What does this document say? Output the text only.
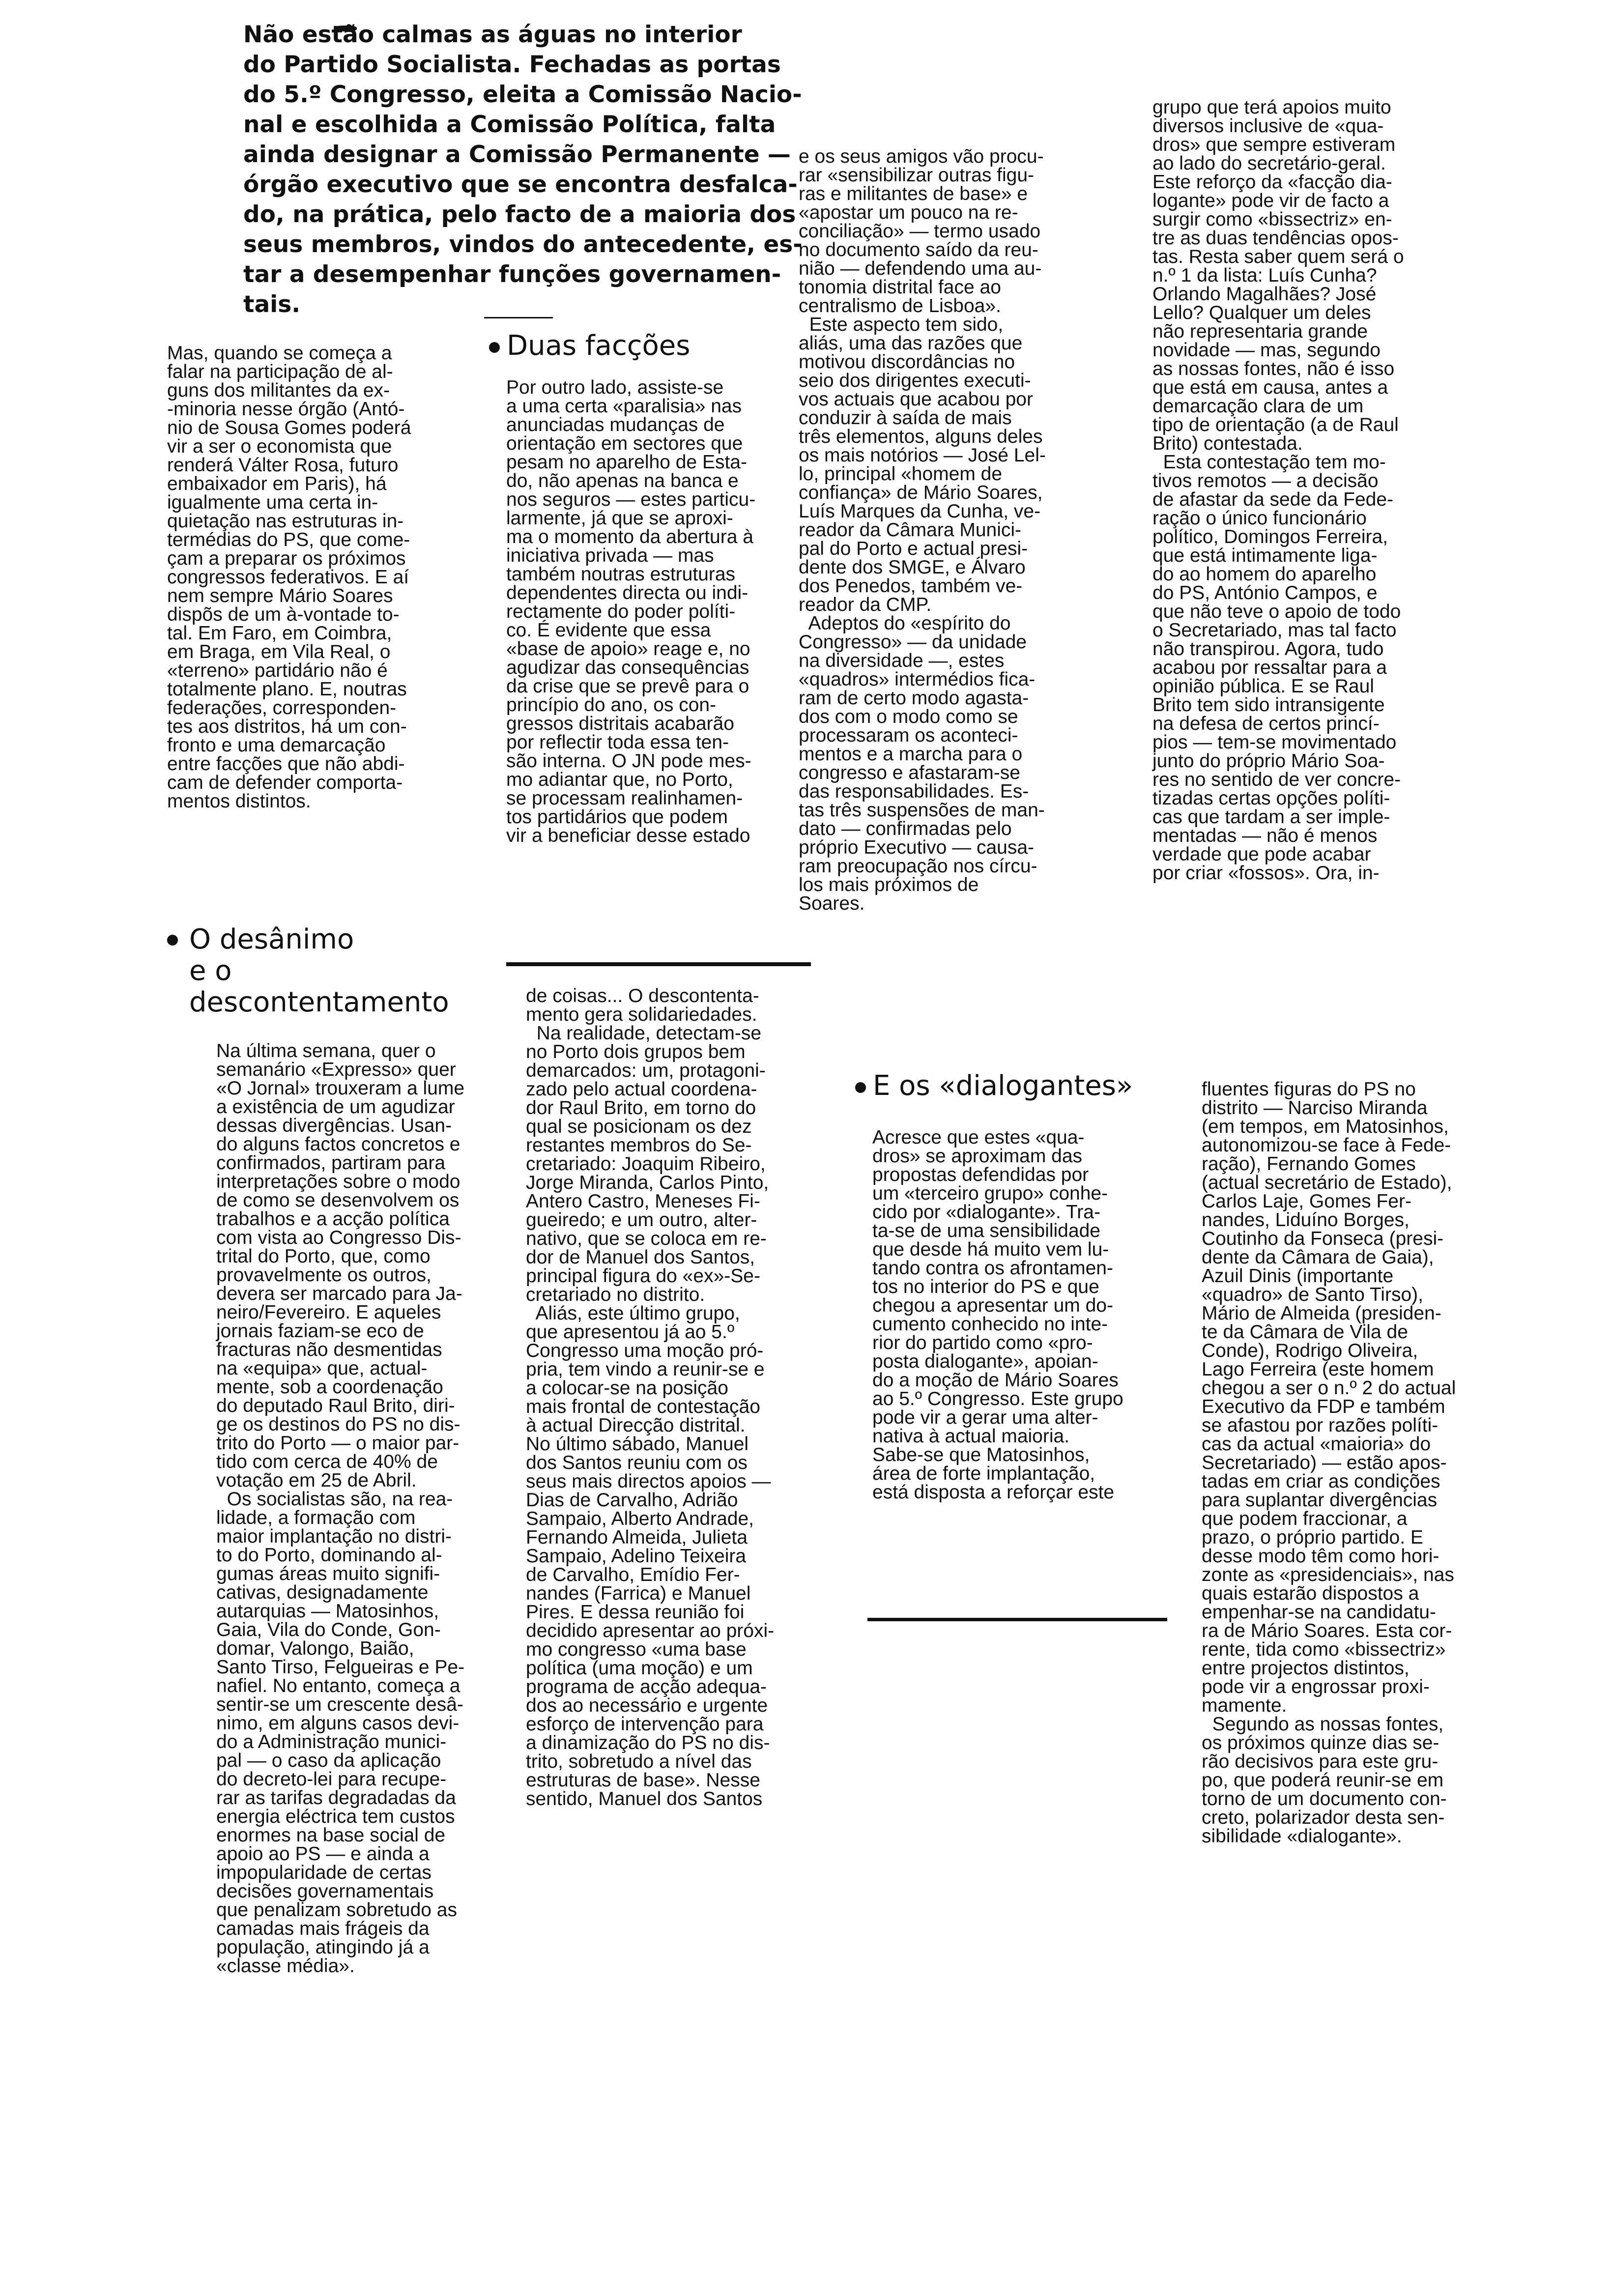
Não estão calmas as águas no interior
do Partido Socialista. Fechadas as portas
do 5.º Congresso, eleita a Comissão Nacio-
nal e escolhida a Comissão Política, falta
ainda designar a Comissão Permanente —
órgão executivo que se encontra desfalca-
do, na prática, pelo facto de a maioria dos
seus membros, vindos do antecedente, es-
tar a desempenhar funções governamen-
tais.
Mas, quando se começa a
falar na participação de al-
guns dos militantes da ex-
-minoria nesse órgão (Antó-
nio de Sousa Gomes poderá
vir a ser o economista que
renderá Válter Rosa, futuro
embaixador em Paris), há
igualmente uma certa in-
quietação nas estruturas in-
termédias do PS, que come-
çam a preparar os próximos
congressos federativos. E aí
nem sempre Mário Soares
dispõs de um à-vontade to-
tal. Em Faro, em Coimbra,
em Braga, em Vila Real, o
«terreno» partidário não é
totalmente plano. E, noutras
federações, corresponden-
tes aos distritos, há um con-
fronto e uma demarcação
entre facções que não abdi-
cam de defender comporta-
mentos distintos.
O desânimo
e o
descontentamento
Na última semana, quer o
semanário «Expresso» quer
«O Jornal» trouxeram a lume
a existência de um agudizar
dessas divergências. Usan-
do alguns factos concretos e
confirmados, partiram para
interpretações sobre o modo
de como se desenvolvem os
trabalhos e a acção política
com vista ao Congresso Dis-
trital do Porto, que, como
provavelmente os outros,
devera ser marcado para Ja-
neiro/Fevereiro. E aqueles
jornais faziam-se eco de
fracturas não desmentidas
na «equipa» que, actual-
mente, sob a coordenação
do deputado Raul Brito, diri-
ge os destinos do PS no dis-
trito do Porto — o maior par-
tido com cerca de 40% de
votação em 25 de Abril.
Os socialistas são, na rea-
lidade, a formação com
maior implantação no distri-
to do Porto, dominando al-
gumas áreas muito signifi-
cativas, designadamente
autarquias — Matosinhos,
Gaia, Vila do Conde, Gon-
domar, Valongo, Baião,
Santo Tirso, Felgueiras e Pe-
nafiel. No entanto, começa a
sentir-se um crescente desâ-
nimo, em alguns casos devi-
do a Administração munici-
pal — o caso da aplicação
do decreto-lei para recupe-
rar as tarifas degradadas da
energia eléctrica tem custos
enormes na base social de
apoio ao PS — e ainda a
impopularidade de certas
decisões governamentais
que penalizam sobretudo as
camadas mais frágeis da
população, atingindo já a
«classe média».
Duas facções
Por outro lado, assiste-se
a uma certa «paralisia» nas
anunciadas mudanças de
orientação em sectores que
pesam no aparelho de Esta-
do, não apenas na banca e
nos seguros — estes particu-
larmente, já que se aproxi-
ma o momento da abertura à
iniciativa privada — mas
também noutras estruturas
dependentes directa ou indi-
rectamente do poder políti-
co. É evidente que essa
«base de apoio» reage e, no
agudizar das consequências
da crise que se prevê para o
princípio do ano, os con-
gressos distritais acabarão
por reflectir toda essa ten-
são interna. O JN pode mes-
mo adiantar que, no Porto,
se processam realinhamen-
tos partidários que podem
vir a beneficiar desse estado
de coisas... O descontenta-
mento gera solidariedades.
Na realidade, detectam-se
no Porto dois grupos bem
demarcados: um, protagoni-
zado pelo actual coordena-
dor Raul Brito, em torno do
qual se posicionam os dez
restantes membros do Se-
cretariado: Joaquim Ribeiro,
Jorge Miranda, Carlos Pinto,
Antero Castro, Meneses Fi-
gueiredo; e um outro, alter-
nativo, que se coloca em re-
dor de Manuel dos Santos,
principal figura do «ex»-Se-
cretariado no distrito.
Aliás, este último grupo,
que apresentou já ao 5.º
Congresso uma moção pró-
pria, tem vindo a reunir-se e
a colocar-se na posição
mais frontal de contestação
à actual Direcção distrital.
No último sábado, Manuel
dos Santos reuniu com os
seus mais directos apoios —
Dias de Carvalho, Adrião
Sampaio, Alberto Andrade,
Fernando Almeida, Julieta
Sampaio, Adelino Teixeira
de Carvalho, Emídio Fer-
nandes (Farrica) e Manuel
Pires. E dessa reunião foi
decidido apresentar ao próxi-
mo congresso «uma base
política (uma moção) e um
programa de acção adequa-
dos ao necessário e urgente
esforço de intervenção para
a dinamização do PS no dis-
trito, sobretudo a nível das
estruturas de base». Nesse
sentido, Manuel dos Santos
e os seus amigos vão procu-
rar «sensibilizar outras figu-
ras e militantes de base» e
«apostar um pouco na re-
conciliação» — termo usado
no documento saído da reu-
nião — defendendo uma au-
tonomia distrital face ao
centralismo de Lisboa».
Este aspecto tem sido,
aliás, uma das razões que
motivou discordâncias no
seio dos dirigentes executi-
vos actuais que acabou por
conduzir à saída de mais
três elementos, alguns deles
os mais notórios — José Lel-
lo, principal «homem de
confiança» de Mário Soares,
Luís Marques da Cunha, ve-
reador da Câmara Munici-
pal do Porto e actual presi-
dente dos SMGE, e Álvaro
dos Penedos, também ve-
reador da CMP.
Adeptos do «espírito do
Congresso» — da unidade
na diversidade —, estes
«quadros» intermédios fica-
ram de certo modo agasta-
dos com o modo como se
processaram os aconteci-
mentos e a marcha para o
congresso e afastaram-se
das responsabilidades. Es-
tas três suspensões de man-
dato — confirmadas pelo
próprio Executivo — causa-
ram preocupação nos círcu-
los mais próximos de
Soares.
E os «dialogantes»
Acresce que estes «qua-
dros» se aproximam das
propostas defendidas por
um «terceiro grupo» conhe-
cido por «dialogante». Tra-
ta-se de uma sensibilidade
que desde há muito vem lu-
tando contra os afrontamen-
tos no interior do PS e que
chegou a apresentar um do-
cumento conhecido no inte-
rior do partido como «pro-
posta dialogante», apoian-
do a moção de Mário Soares
ao 5.º Congresso. Este grupo
pode vir a gerar uma alter-
nativa à actual maioria.
Sabe-se que Matosinhos,
área de forte implantação,
está disposta a reforçar este
grupo que terá apoios muito
diversos inclusive de «qua-
dros» que sempre estiveram
ao lado do secretário-geral.
Este reforço da «facção dia-
logante» pode vir de facto a
surgir como «bissectriz» en-
tre as duas tendências opos-
tas. Resta saber quem será o
n.º 1 da lista: Luís Cunha?
Orlando Magalhães? José
Lello? Qualquer um deles
não representaria grande
novidade — mas, segundo
as nossas fontes, não é isso
que está em causa, antes a
demarcação clara de um
tipo de orientação (a de Raul
Brito) contestada.
Esta contestação tem mo-
tivos remotos — a decisão
de afastar da sede da Fede-
ração o único funcionário
político, Domingos Ferreira,
que está intimamente liga-
do ao homem do aparelho
do PS, António Campos, e
que não teve o apoio de todo
o Secretariado, mas tal facto
não transpirou. Agora, tudo
acabou por ressaltar para a
opinião pública. E se Raul
Brito tem sido intransigente
na defesa de certos princí-
pios — tem-se movimentado
junto do próprio Mário Soa-
res no sentido de ver concre-
tizadas certas opções políti-
cas que tardam a ser imple-
mentadas — não é menos
verdade que pode acabar
por criar «fossos». Ora, in-
fluentes figuras do PS no
distrito — Narciso Miranda
(em tempos, em Matosinhos,
autonomizou-se face à Fede-
ração), Fernando Gomes
(actual secretário de Estado),
Carlos Laje, Gomes Fer-
nandes, Liduíno Borges,
Coutinho da Fonseca (presi-
dente da Câmara de Gaia),
Azuil Dinis (importante
«quadro» de Santo Tirso),
Mário de Almeida (presiden-
te da Câmara de Vila de
Conde), Rodrigo Oliveira,
Lago Ferreira (este homem
chegou a ser o n.º 2 do actual
Executivo da FDP e também
se afastou por razões políti-
cas da actual «maioria» do
Secretariado) — estão apos-
tadas em criar as condições
para suplantar divergências
que podem fraccionar, a
prazo, o próprio partido. E
desse modo têm como hori-
zonte as «presidenciais», nas
quais estarão dispostos a
empenhar-se na candidatu-
ra de Mário Soares. Esta cor-
rente, tida como «bissectriz»
entre projectos distintos,
pode vir a engrossar proxi-
mamente.
Segundo as nossas fontes,
os próximos quinze dias se-
rão decisivos para este gru-
po, que poderá reunir-se em
torno de um documento con-
creto, polarizador desta sen-
sibilidade «dialogante».
